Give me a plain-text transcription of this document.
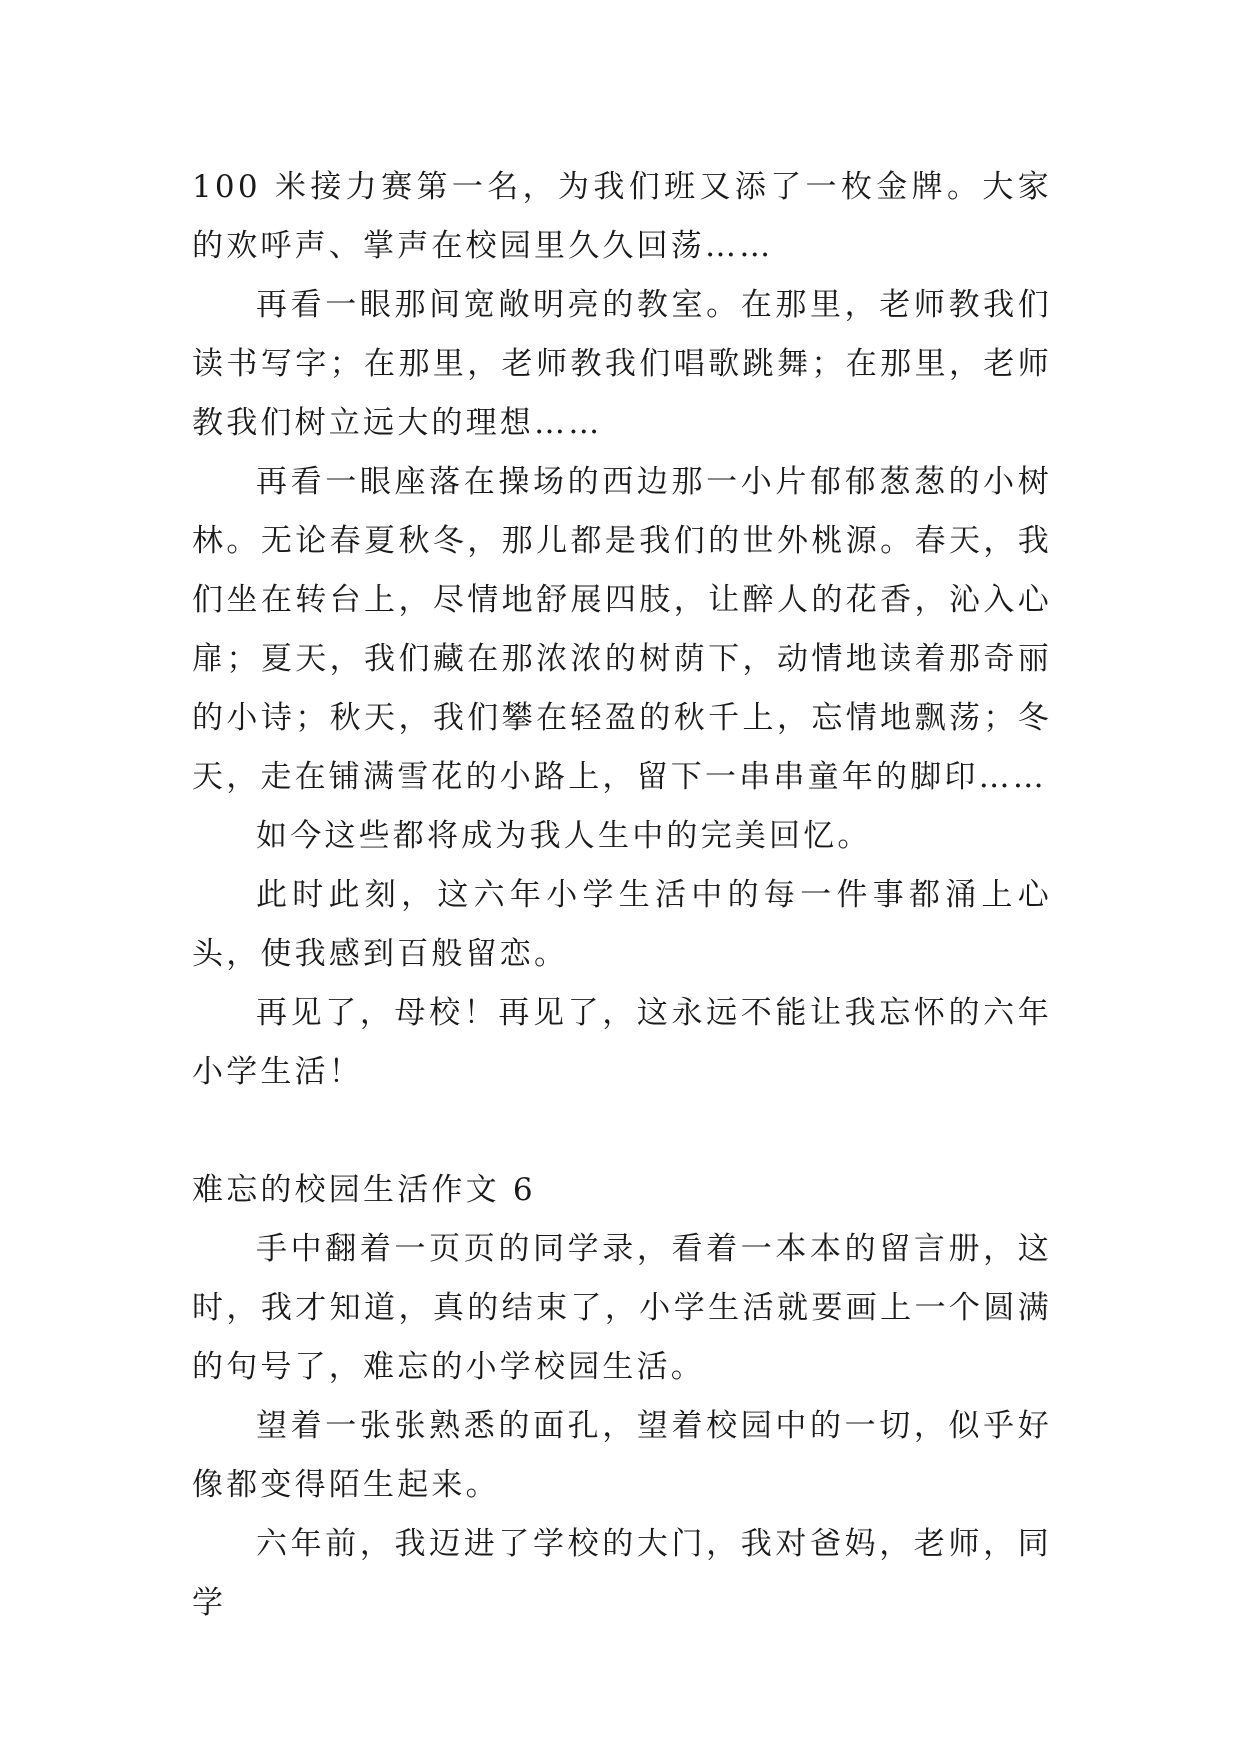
100 米接力赛第一名，为我们班又添了一枚金牌。大家的欢呼声、掌声在校园里久久回荡……

再看一眼那间宽敞明亮的教室。在那里，老师教我们读书写字；在那里，老师教我们唱歌跳舞；在那里，老师教我们树立远大的理想……

再看一眼座落在操场的西边那一小片郁郁葱葱的小树林。无论春夏秋冬，那儿都是我们的世外桃源。春天，我们坐在转台上，尽情地舒展四肢，让醉人的花香，沁入心扉；夏天，我们藏在那浓浓的树荫下，动情地读着那奇丽的小诗；秋天，我们攀在轻盈的秋千上，忘情地飘荡；冬天，走在铺满雪花的小路上，留下一串串童年的脚印……

如今这些都将成为我人生中的完美回忆。

此时此刻，这六年小学生活中的每一件事都涌上心头，使我感到百般留恋。

再见了，母校！再见了，这永远不能让我忘怀的六年小学生活！

难忘的校园生活作文 6

手中翻着一页页的同学录，看着一本本的留言册，这时，我才知道，真的结束了，小学生活就要画上一个圆满的句号了，难忘的小学校园生活。

望着一张张熟悉的面孔，望着校园中的一切，似乎好像都变得陌生起来。

六年前，我迈进了学校的大门，我对爸妈，老师，同学
